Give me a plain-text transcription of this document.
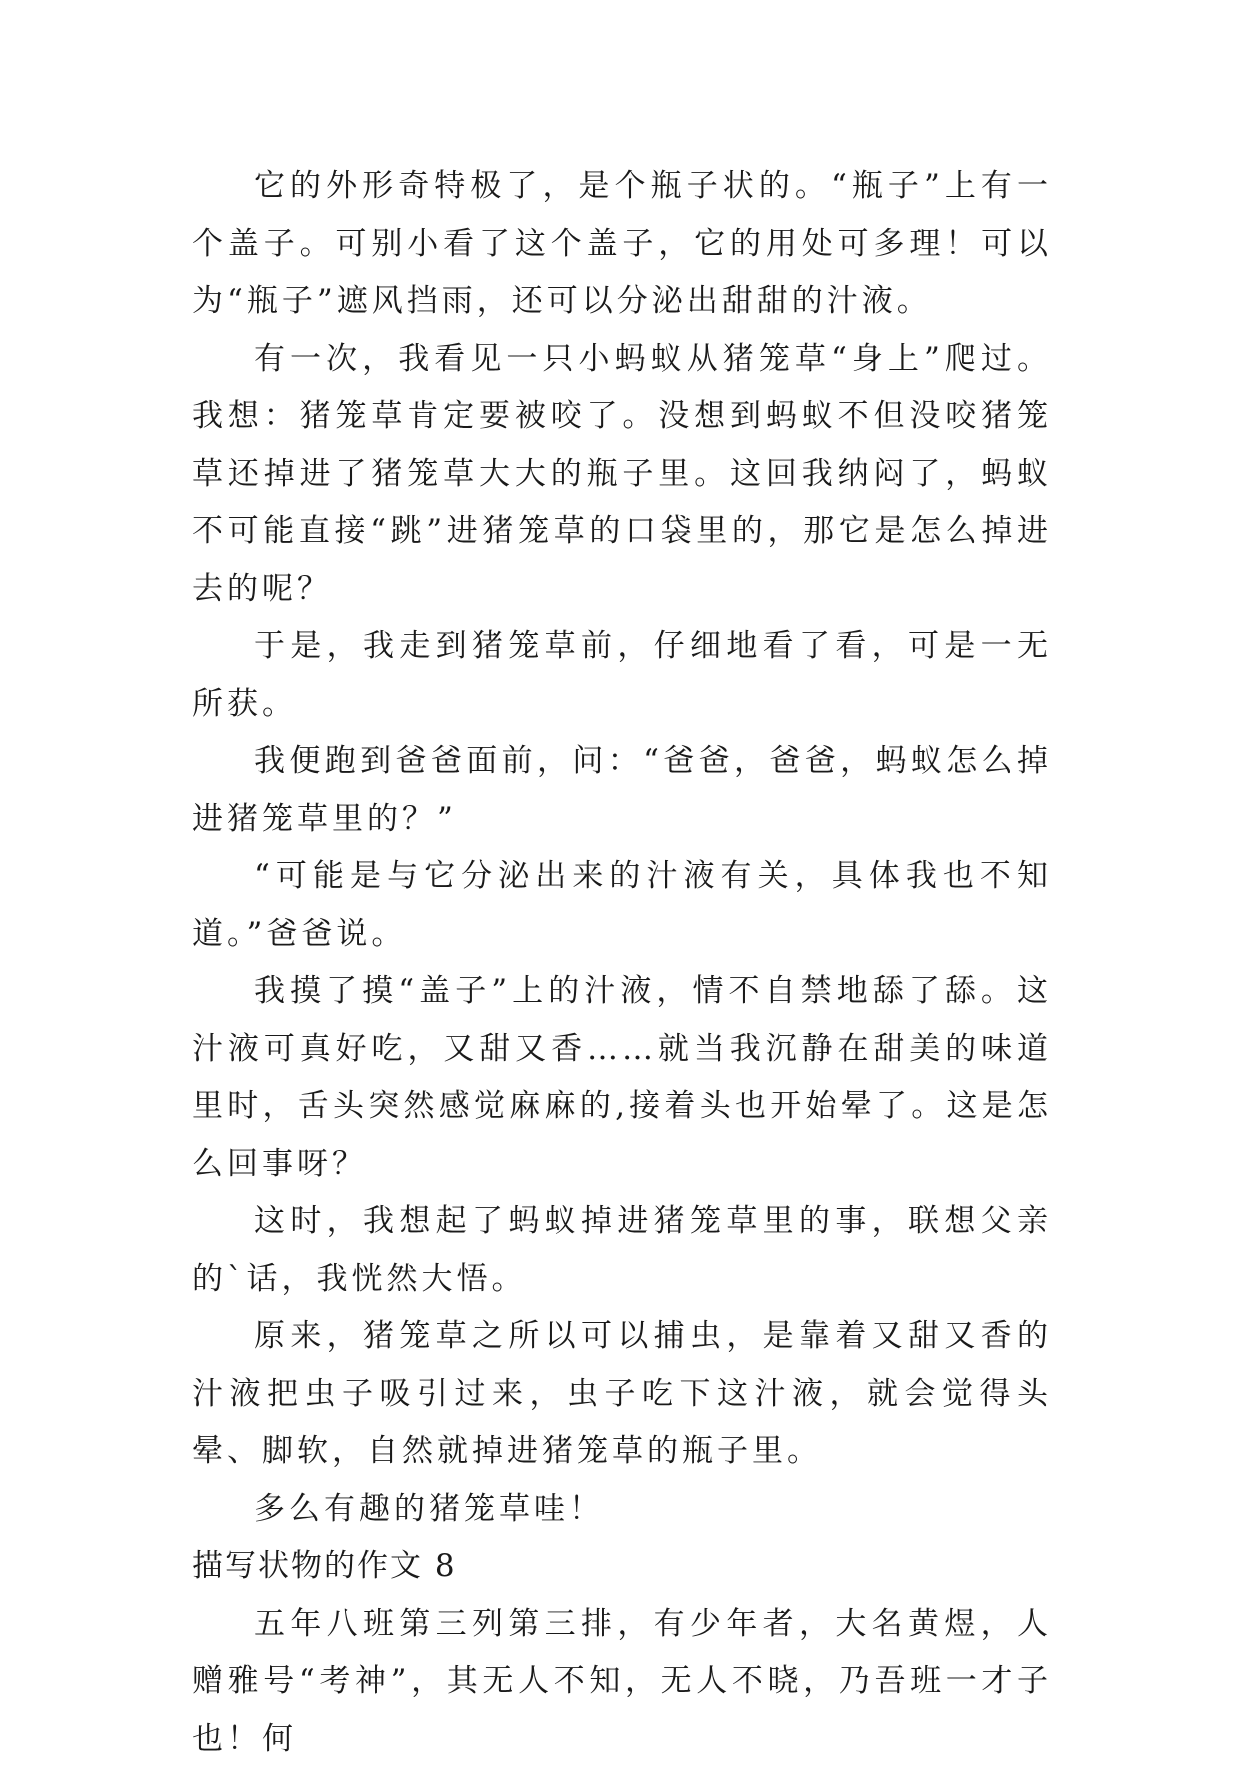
它的外形奇特极了，是个瓶子状的。“瓶子”上有一个盖子。可别小看了这个盖子，它的用处可多理！可以为“瓶子”遮风挡雨，还可以分泌出甜甜的汁液。

有一次，我看见一只小蚂蚁从猪笼草“身上”爬过。我想：猪笼草肯定要被咬了。没想到蚂蚁不但没咬猪笼草还掉进了猪笼草大大的瓶子里。这回我纳闷了，蚂蚁不可能直接“跳”进猪笼草的口袋里的，那它是怎么掉进去的呢？

于是，我走到猪笼草前，仔细地看了看，可是一无所获。

我便跑到爸爸面前，问：“爸爸，爸爸，蚂蚁怎么掉进猪笼草里的？”

“可能是与它分泌出来的汁液有关，具体我也不知道。”爸爸说。

我摸了摸“盖子”上的汁液，情不自禁地舔了舔。这汁液可真好吃，又甜又香……就当我沉静在甜美的味道里时，舌头突然感觉麻麻的,接着头也开始晕了。这是怎么回事呀？

这时，我想起了蚂蚁掉进猪笼草里的事，联想父亲的`话，我恍然大悟。

原来，猪笼草之所以可以捕虫，是靠着又甜又香的汁液把虫子吸引过来，虫子吃下这汁液，就会觉得头晕、脚软，自然就掉进猪笼草的瓶子里。

多么有趣的猪笼草哇！

描写状物的作文 8

五年八班第三列第三排，有少年者，大名黄煜，人赠雅号“考神”，其无人不知，无人不晓，乃吾班一才子也！何
